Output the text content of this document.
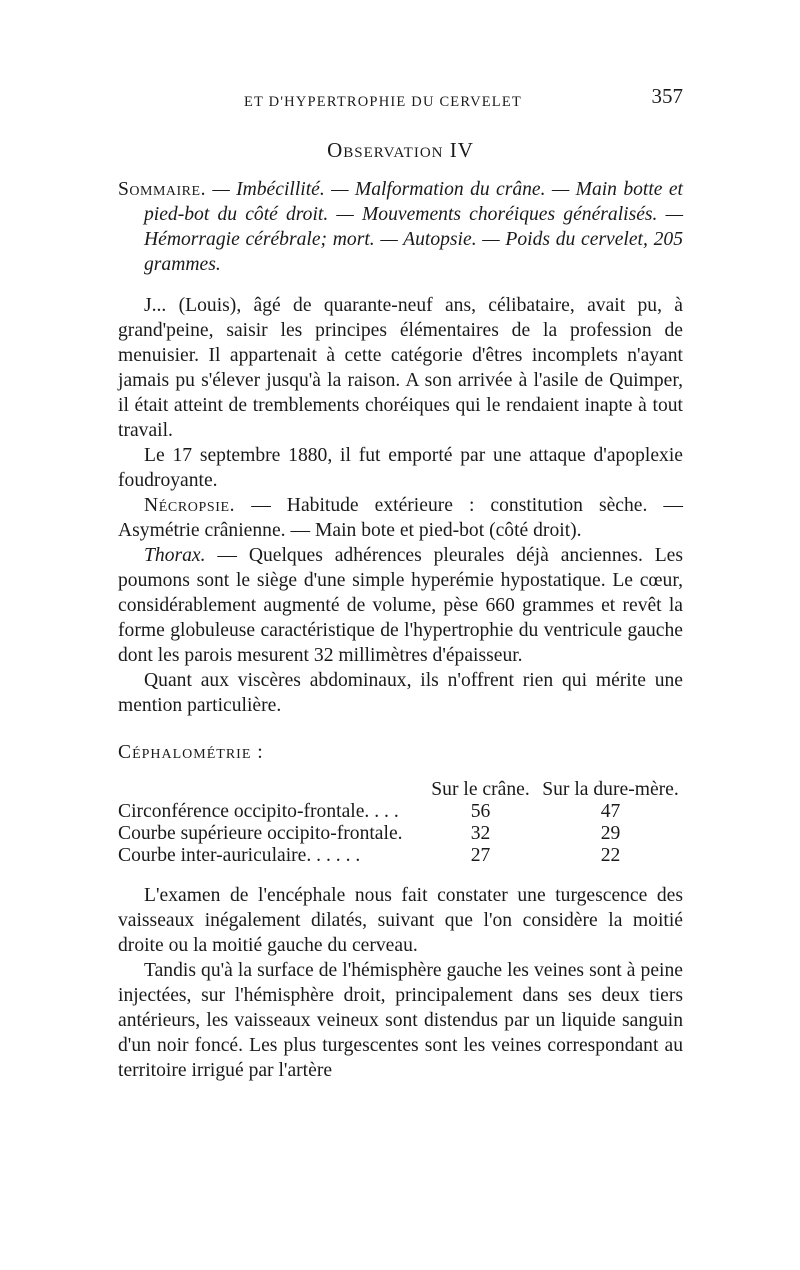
ET D'HYPERTROPHIE DU CERVELET	357
Observation IV

Sommaire. — Imbécillité. — Malformation du crâne. — Main botte et pied-bot du côté droit. — Mouvements choréiques généralisés. — Hémorragie cérébrale; mort. — Autopsie. — Poids du cervelet, 205 grammes.

J... (Louis), âgé de quarante-neuf ans, célibataire, avait pu, à grand'peine, saisir les principes élémentaires de la profession de menuisier. Il appartenait à cette catégorie d'êtres incomplets n'ayant jamais pu s'élever jusqu'à la raison. A son arrivée à l'asile de Quimper, il était atteint de tremblements choréiques qui le rendaient inapte à tout travail.

Le 17 septembre 1880, il fut emporté par une attaque d'apoplexie foudroyante.

Nécropsie. — Habitude extérieure : constitution sèche. — Asymétrie crânienne. — Main bote et pied-bot (côté droit).

Thorax. — Quelques adhérences pleurales déjà anciennes. Les poumons sont le siège d'une simple hyperémie hypostatique. Le cœur, considérablement augmenté de volume, pèse 660 grammes et revêt la forme globuleuse caractéristique de l'hypertrophie du ventricule gauche dont les parois mesurent 32 millimètres d'épaisseur.

Quant aux viscères abdominaux, ils n'offrent rien qui mérite une mention particulière.

Céphalométrie :
	Sur le crâne.	Sur la dure-mère.
Circonférence occipito-frontale. . . .	56	47
Courbe supérieure occipito-frontale.	32	29
Courbe inter-auriculaire. . . . . .	27	22

L'examen de l'encéphale nous fait constater une turgescence des vaisseaux inégalement dilatés, suivant que l'on considère la moitié droite ou la moitié gauche du cerveau.

Tandis qu'à la surface de l'hémisphère gauche les veines sont à peine injectées, sur l'hémisphère droit, principalement dans ses deux tiers antérieurs, les vaisseaux veineux sont distendus par un liquide sanguin d'un noir foncé. Les plus turgescentes sont les veines correspondant au territoire irrigué par l'artère
